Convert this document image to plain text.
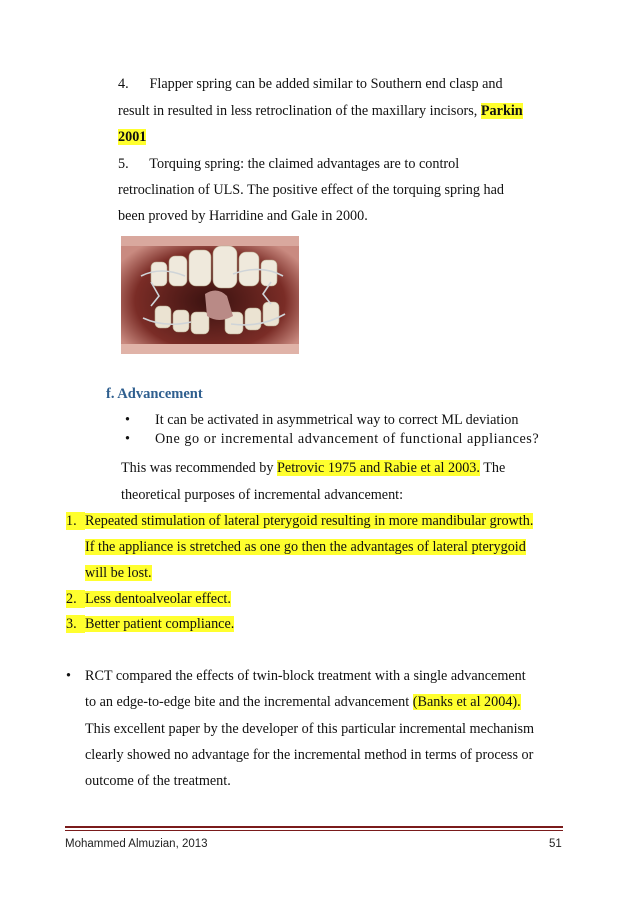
4. Flapper spring can be added similar to Southern end clasp and
result in resulted in less retroclination of the maxillary incisors, Parkin
2001
5. Torquing spring: the claimed advantages are to control
retroclination of ULS. The positive effect of the torquing spring had
been proved by Harridine and Gale in 2000.
f. Advancement
• It can be activated in asymmetrical way to correct ML deviation
• One go or incremental advancement of functional appliances?
This was recommended by Petrovic 1975 and Rabie et al 2003. The
theoretical purposes of incremental advancement:
1. Repeated stimulation of lateral pterygoid resulting in more mandibular growth.
If the appliance is stretched as one go then the advantages of lateral pterygoid
will be lost.
2. Less dentoalveolar effect.
3. Better patient compliance.
• RCT compared the effects of twin-block treatment with a single advancement
to an edge-to-edge bite and the incremental advancement (Banks et al 2004).
This excellent paper by the developer of this particular incremental mechanism
clearly showed no advantage for the incremental method in terms of process or
outcome of the treatment.
Mohammed Almuzian, 2013	51
